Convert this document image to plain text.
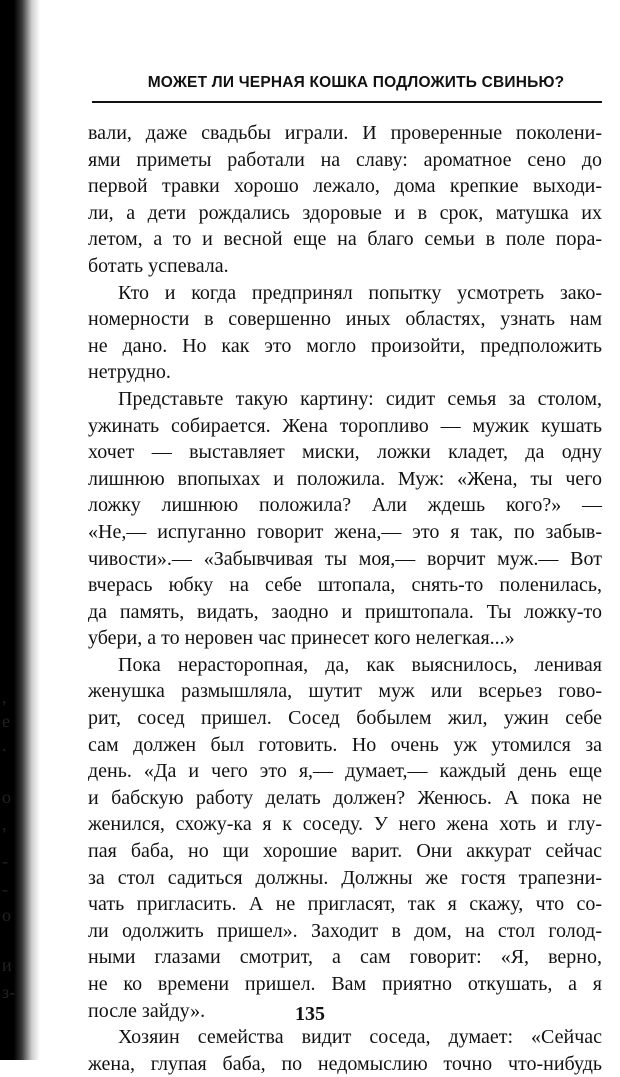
,
е
.
о
,
-
-
о
и
з-
МОЖЕТ ЛИ ЧЕРНАЯ КОШКА ПОДЛОЖИТЬ СВИНЬЮ?
вали, даже свадьбы играли. И проверенные поколени-
ями приметы работали на славу: ароматное сено до
первой травки хорошо лежало, дома крепкие выходи-
ли, а дети рождались здоровые и в срок, матушка их
летом, а то и весной еще на благо семьи в поле пора-
ботать успевала.
Кто и когда предпринял попытку усмотреть зако-
номерности в совершенно иных областях, узнать нам
не дано. Но как это могло произойти, предположить
нетрудно.
Представьте такую картину: сидит семья за столом,
ужинать собирается. Жена торопливо — мужик кушать
хочет — выставляет миски, ложки кладет, да одну
лишнюю впопыхах и положила. Муж: «Жена, ты чего
ложку лишнюю положила? Али ждешь кого?» —
«Не,— испуганно говорит жена,— это я так, по забыв-
чивости».— «Забывчивая ты моя,— ворчит муж.— Вот
вчерась юбку на себе штопала, снять-то поленилась,
да память, видать, заодно и приштопала. Ты ложку-то
убери, а то неровен час принесет кого нелегкая...»
Пока нерасторопная, да, как выяснилось, ленивая
женушка размышляла, шутит муж или всерьез гово-
рит, сосед пришел. Сосед бобылем жил, ужин себе
сам должен был готовить. Но очень уж утомился за
день. «Да и чего это я,— думает,— каждый день еще
и бабскую работу делать должен? Женюсь. А пока не
женился, схожу-ка я к соседу. У него жена хоть и глу-
пая баба, но щи хорошие варит. Они аккурат сейчас
за стол садиться должны. Должны же гостя трапезни-
чать пригласить. А не пригласят, так я скажу, что со-
ли одолжить пришел». Заходит в дом, на стол голод-
ными глазами смотрит, а сам говорит: «Я, верно,
не ко времени пришел. Вам приятно откушать, а я
после зайду».
Хозяин семейства видит соседа, думает: «Сейчас
жена, глупая баба, по недомыслию точно что-нибудь
135
